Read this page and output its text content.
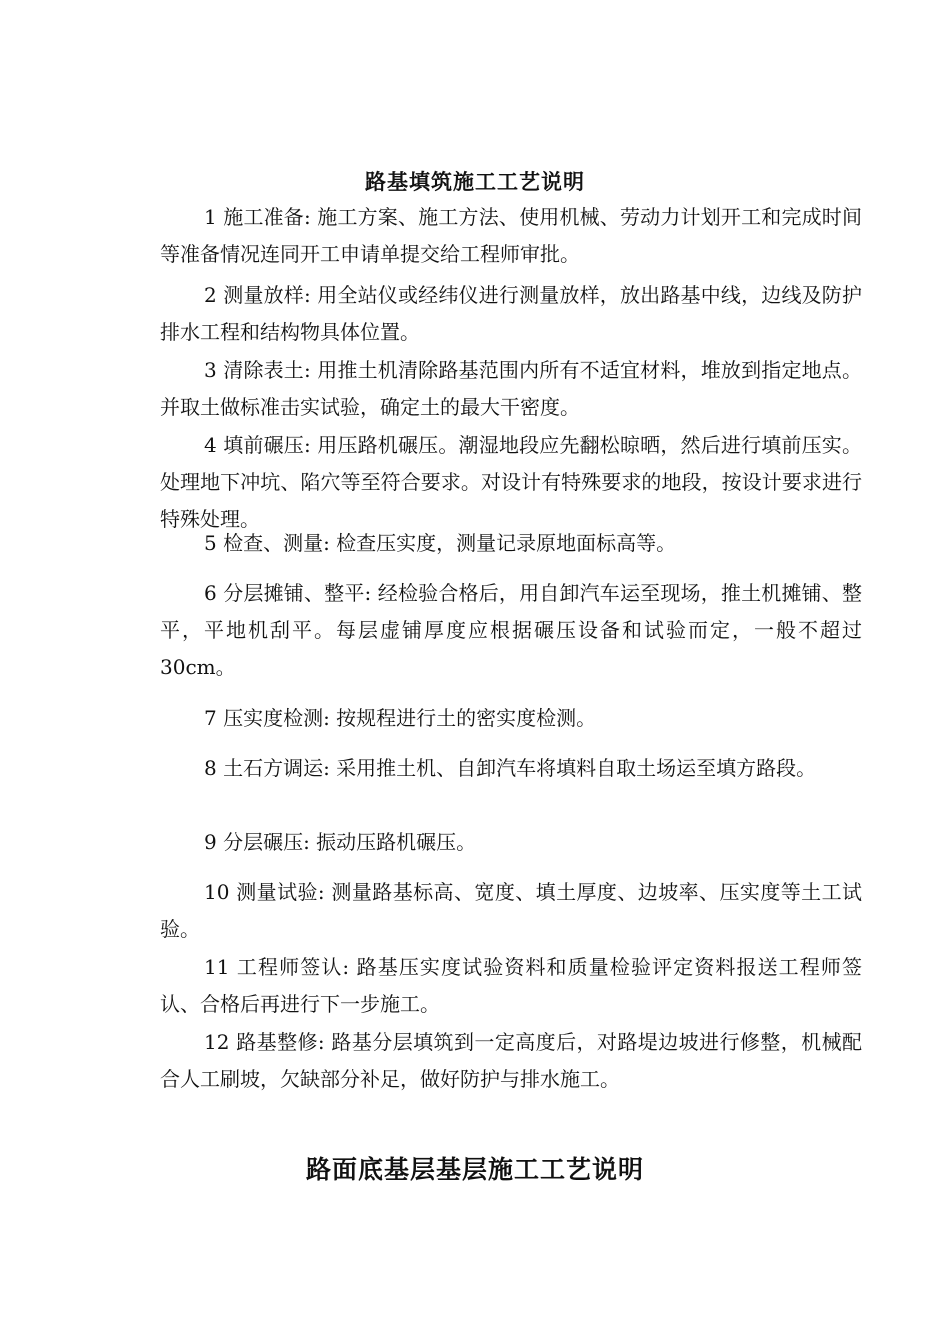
路基填筑施工工艺说明

1 施工准备: 施工方案、施工方法、使用机械、劳动力计划开工和完成时间等准备情况连同开工申请单提交给工程师审批。

2 测量放样: 用全站仪或经纬仪进行测量放样，放出路基中线，边线及防护排水工程和结构物具体位置。

3 清除表土: 用推土机清除路基范围内所有不适宜材料，堆放到指定地点。并取土做标准击实试验，确定土的最大干密度。

4 填前碾压: 用压路机碾压。潮湿地段应先翻松晾晒，然后进行填前压实。处理地下冲坑、陷穴等至符合要求。对设计有特殊要求的地段，按设计要求进行特殊处理。

5 检查、测量: 检查压实度，测量记录原地面标高等。

6 分层摊铺、整平: 经检验合格后，用自卸汽车运至现场，推土机摊铺、整平，平地机刮平。每层虚铺厚度应根据碾压设备和试验而定，一般不超过 30cm。

7 压实度检测: 按规程进行土的密实度检测。

8 土石方调运: 采用推土机、自卸汽车将填料自取土场运至填方路段。

9 分层碾压: 振动压路机碾压。

10 测量试验: 测量路基标高、宽度、填土厚度、边坡率、压实度等土工试验。

11 工程师签认: 路基压实度试验资料和质量检验评定资料报送工程师签认、合格后再进行下一步施工。

12 路基整修: 路基分层填筑到一定高度后，对路堤边坡进行修整，机械配合人工刷坡，欠缺部分补足，做好防护与排水施工。

路面底基层基层施工工艺说明
